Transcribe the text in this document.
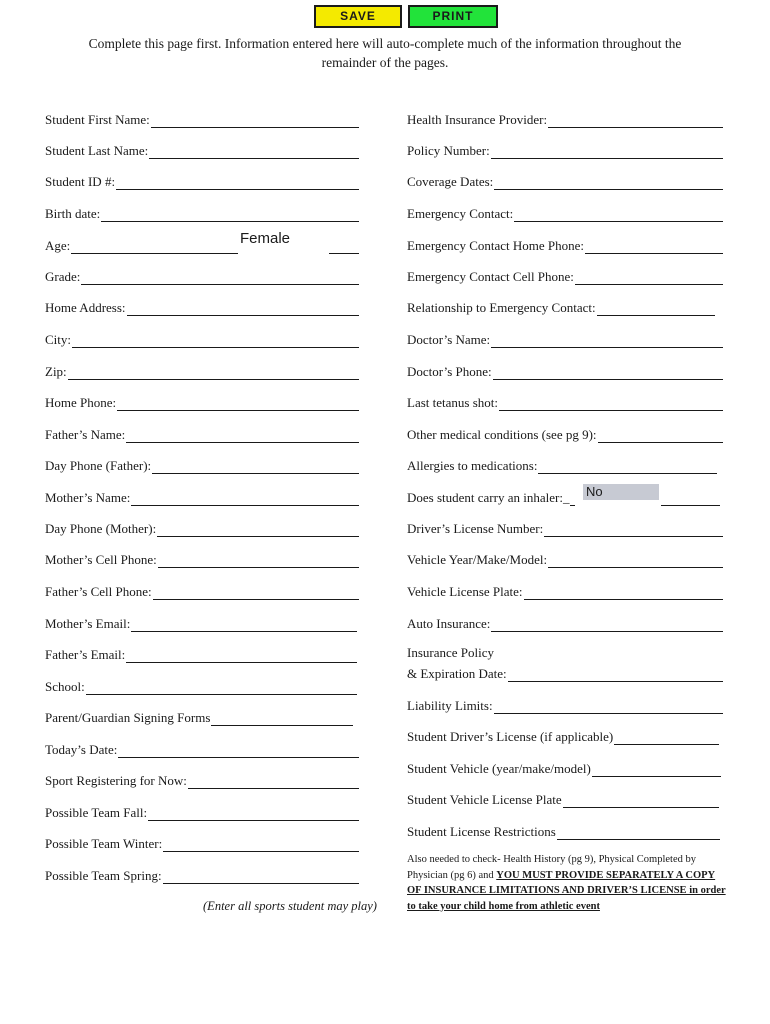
SAVE	PRINT
Complete this page first. Information entered here will auto-complete much of the information throughout the remainder of the pages.
Student First Name:
Student Last Name:
Student ID #:
Birth date:
Age:
Grade:
Home Address:
City:
Zip:
Home Phone:
Father’s Name:
Day Phone (Father):
Mother’s Name:
Day Phone (Mother):
Mother’s Cell Phone:
Father’s Cell Phone:
Mother’s Email:
Father’s Email:
School:
Parent/Guardian Signing Forms
Today’s Date:
Sport Registering for Now:
Possible Team Fall:
Possible Team Winter:
Possible Team Spring:
Health Insurance Provider:
Policy Number:
Coverage Dates:
Emergency Contact:
Emergency Contact Home Phone:
Emergency Contact Cell Phone:
Relationship to Emergency Contact:
Doctor’s Name:
Doctor’s Phone:
Last tetanus shot:
Other medical conditions (see pg 9):
Allergies to medications:
Does student carry an inhaler:_
Driver’s License Number:
Vehicle Year/Make/Model:
Vehicle License Plate:
Auto Insurance:
Liability Limits:
Student Driver’s License (if applicable)
Student Vehicle (year/make/model)
Student Vehicle License Plate
Student License Restrictions
Female
No
Insurance Policy
& Expiration Date:
Also needed to check- Health History (pg 9), Physical Completed by Physician (pg 6) and YOU MUST PROVIDE SEPARATELY A COPY OF INSURANCE LIMITATIONS AND DRIVER’S LICENSE in order to take your child home from athletic event
(Enter all sports student may play)
